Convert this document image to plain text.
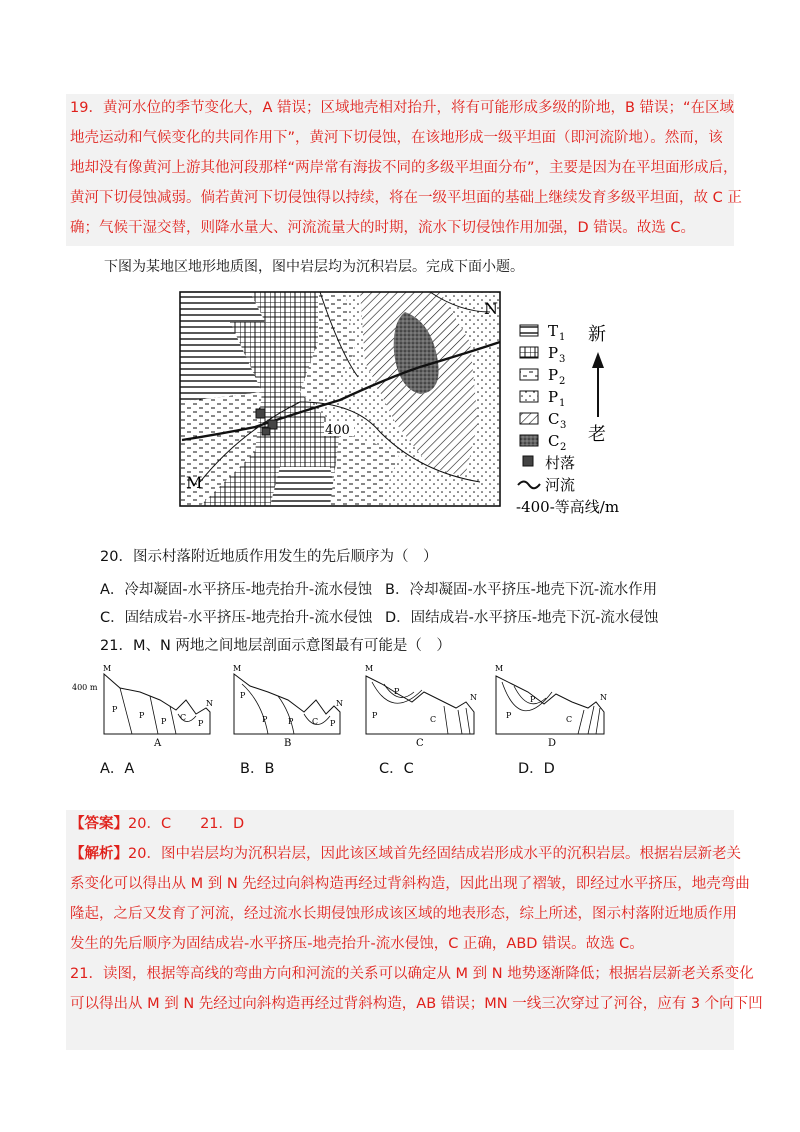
19．黄河水位的季节变化大，A 错误；区域地壳相对抬升，将有可能形成多级的阶地，B 错误；“在区域
地壳运动和气候变化的共同作用下”，黄河下切侵蚀，在该地形成一级平坦面（即河流阶地）。然而，该
地却没有像黄河上游其他河段那样“两岸常有海拔不同的多级平坦面分布”，主要是因为在平坦面形成后，
黄河下切侵蚀减弱。倘若黄河下切侵蚀得以持续，将在一级平坦面的基础上继续发育多级平坦面，故 C 正
确；气候干湿交替，则降水量大、河流流量大的时期，流水下切侵蚀作用加强，D 错误。故选 C。
下图为某地区地形地质图，图中岩层均为沉积岩层。完成下面小题。
M
N
400
T 1
P 3
P 2
P 1
C 3
C 2
村落
河流
-400-等高线/m
新
老
20．图示村落附近地质作用发生的先后顺序为（　）
A．冷却凝固-水平挤压-地壳抬升-流水侵蚀 B．冷却凝固-水平挤压-地壳下沉-流水作用
C．固结成岩-水平挤压-地壳抬升-流水侵蚀 D．固结成岩-水平挤压-地壳下沉-流水侵蚀
21．M、N 两地之间地层剖面示意图最有可能是（　）
M
N
400 m
P
P
P C
P
A
M
N
P
P	P C P
B
M
N
P
P
C
C
M
N
P
P
C
D
A．A	B．B	C．C	D．D
【答案】20．C　　21．D
【解析】20．图中岩层均为沉积岩层，因此该区域首先经固结成岩形成水平的沉积岩层。根据岩层新老关
系变化可以得出从 M 到 N 先经过向斜构造再经过背斜构造，因此出现了褶皱，即经过水平挤压，地壳弯曲
隆起，之后又发育了河流，经过流水长期侵蚀形成该区域的地表形态，综上所述，图示村落附近地质作用
发生的先后顺序为固结成岩-水平挤压-地壳抬升-流水侵蚀，C 正确，ABD 错误。故选 C。
21．读图，根据等高线的弯曲方向和河流的关系可以确定从 M 到 N 地势逐渐降低；根据岩层新老关系变化
可以得出从 M 到 N 先经过向斜构造再经过背斜构造，AB 错误；MN 一线三次穿过了河谷，应有 3 个向下凹
